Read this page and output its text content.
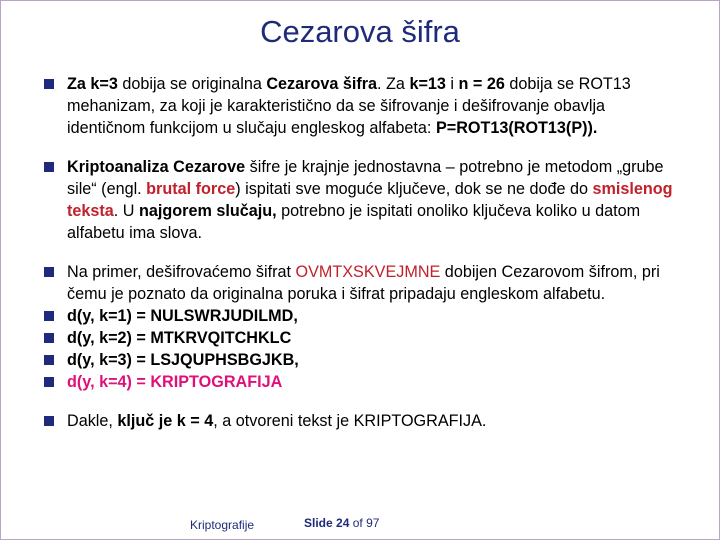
Cezarova šifra
Za k=3 dobija se originalna Cezarova šifra. Za k=13 i n = 26 dobija se ROT13 mehanizam, za koji je karakteristično da se šifrovanje i dešifrovanje obavlja identičnom funkcijom u slučaju engleskog alfabeta: P=ROT13(ROT13(P)).
Kriptoanaliza Cezarove šifre je krajnje jednostavna – potrebno je metodom „grube sile“ (engl. brutal force) ispitati sve moguće ključeve, dok se ne dođe do smislenog teksta. U najgorem slučaju, potrebno je ispitati onoliko ključeva koliko u datom alfabetu ima slova.
Na primer, dešifrovaćemo šifrat OVMTXSKVEJMNE dobijen Cezarovom šifrom, pri čemu je poznato da originalna poruka i šifrat pripadaju engleskom alfabetu.
d(y, k=1) = NULSWRJUDILMD,
d(y, k=2) = MTKRVQITCHKLC
d(y, k=3) = LSJQUPHSBGJKB,
d(y, k=4) = KRIPTOGRAFIJA
Dakle, ključ je k = 4, a otvoreni tekst je KRIPTOGRAFIJA.
Kriptografije	Slide 24 of 97
